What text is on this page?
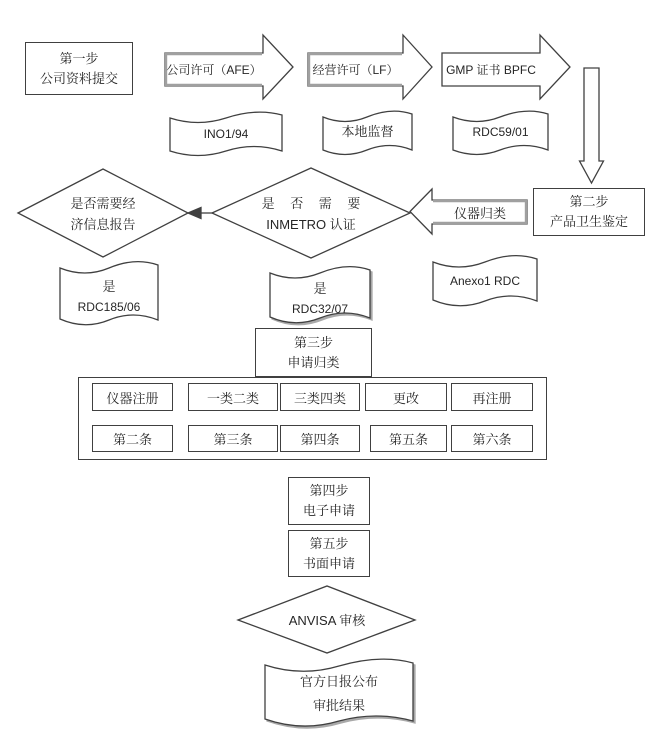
第一步
公司资料提交
第二步
产品卫生鉴定
第三步
申请归类
仪器注册	一类二类	三类四类	更改	再注册
第二条	第三条	第四条	第五条	第六条
第四步
电子申请
第五步
书面申请
公司许可（AFE）	经营许可（LF）	GMP 证书 BPFC
仪器归类
是否需要经
济信息报告
是 否 需 要
INMETRO 认证
ANVISA 审核
INO1/94	本地监督	RDC59/01
是
RDC185/06
是
RDC32/07
Anexo1 RDC
官方日报公布
审批结果
